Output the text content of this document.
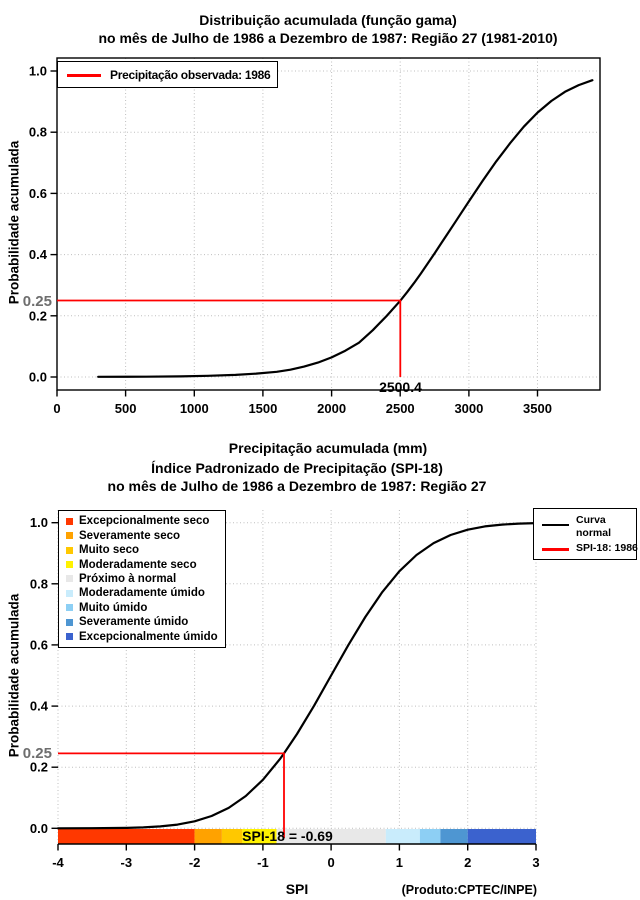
0	500	1000	1500	2000	2500	3000	3500
0.0
0.2
0.4
0.6
0.8
1.0
-4	-3	-2	-1	0	1	2	3
0.0
0.2
0.4
0.6
0.8
1.0
Distribuição acumulada (função gama)
no mês de Julho de 1986 a Dezembro de 1987: Região 27 (1981-2010)
Probabilidade acumulada
Precipitação acumulada (mm)
Precipitação observada: 1986
0.25
2500.4
Índice Padronizado de Precipitação (SPI-18)
no mês de Julho de 1986 a Dezembro de 1987: Região 27
Probabilidade acumulada
SPI
Excepcionalmente seco
Severamente seco
Muito seco
Moderadamente seco
Próximo à normal
Moderadamente úmido
Muito úmido
Severamente úmido
Excepcionalmente úmido
Curva
normal
SPI-18: 1986
0.25
SPI-18 = -0.69
(Produto:CPTEC/INPE)
